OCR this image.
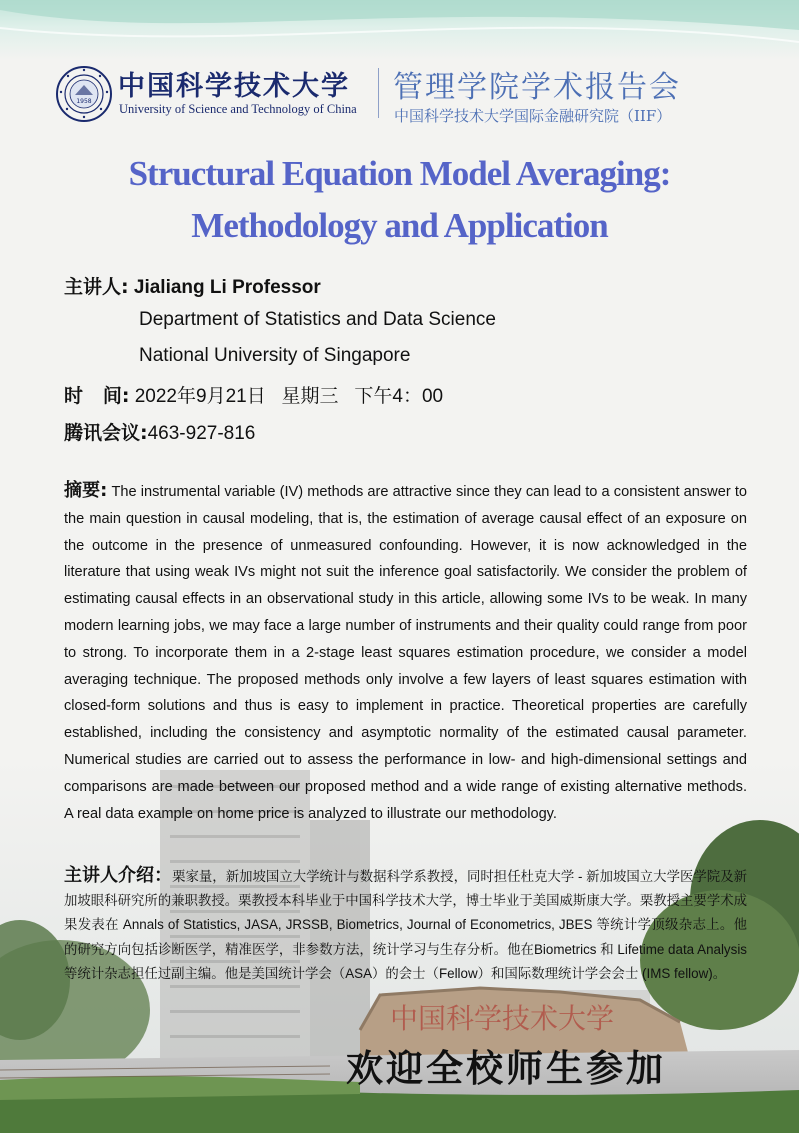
中国科学技术大学
1958 中国科学技术大学
University of Science and Technology of China
管理学院学术报告会
中国科学技术大学国际金融研究院（IIF）
Structural Equation Model Averaging:
Methodology and Application
主讲人: Jialiang Li Professor
Department of Statistics and Data Science
National University of Singapore
时   间: 2022年9月21日   星期三   下午4：00
腾讯会议:463-927-816
摘要: The instrumental variable (IV) methods are attractive since they can lead to a consistent answer to the main question in causal modeling, that is, the estimation of average causal effect of an exposure on the outcome in the presence of unmeasured confounding. However, it is now acknowledged in the literature that using weak IVs might not suit the inference goal satisfactorily. We consider the problem of estimating causal effects in an observational study in this article, allowing some IVs to be weak. In many modern learning jobs, we may face a large number of instruments and their quality could range from poor to strong. To incorporate them in a 2-stage least squares estimation procedure, we consider a model averaging technique. The proposed methods only involve a few layers of least squares estimation with closed-form solutions and thus is easy to implement in practice. Theoretical properties are carefully established, including the consistency and asymptotic normality of the estimated causal parameter. Numerical studies are carried out to assess the performance in low- and high-dimensional settings and comparisons are made between our proposed method and a wide range of existing alternative methods. A real data example on home price is analyzed to illustrate our methodology.
主讲人介绍：栗家量，新加坡国立大学统计与数据科学系教授，同时担任杜克大学 - 新加坡国立大学医学院及新加坡眼科研究所的兼职教授。栗教授本科毕业于中国科学技术大学，博士毕业于美国威斯康大学。栗教授主要学术成果发表在 Annals of Statistics, JASA, JRSSB, Biometrics, Journal of Econometrics, JBES 等统计学顶级杂志上。他的研究方向包括诊断医学，精准医学，非参数方法，统计学习与生存分析。他在Biometrics 和 Lifetime data Analysis 等统计杂志担任过副主编。他是美国统计学会（ASA）的会士（Fellow）和国际数理统计学会会士 (IMS fellow)。
欢迎全校师生参加
